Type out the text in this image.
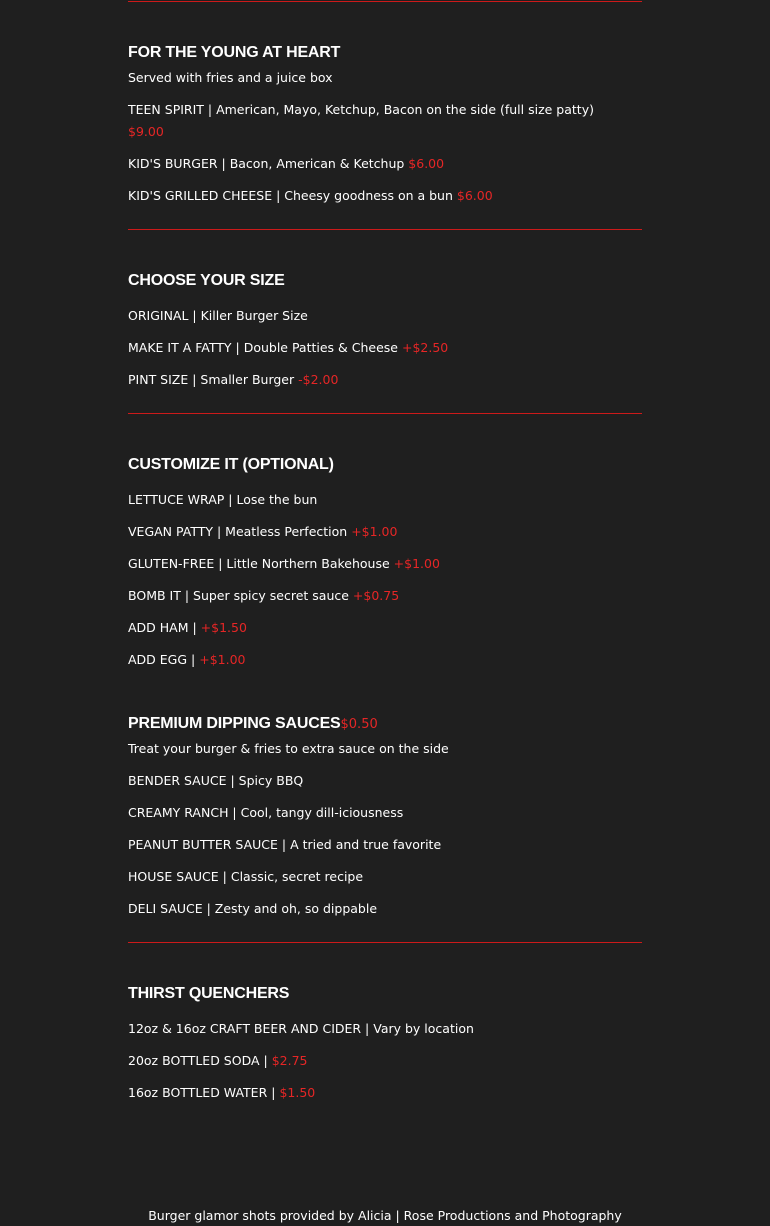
FOR THE YOUNG AT HEART
Served with fries and a juice box
TEEN SPIRIT | American, Mayo, Ketchup, Bacon on the side (full size patty)
$9.00
KID'S BURGER | Bacon, American & Ketchup $6.00
KID'S GRILLED CHEESE | Cheesy goodness on a bun $6.00
CHOOSE YOUR SIZE
ORIGINAL | Killer Burger Size
MAKE IT A FATTY | Double Patties & Cheese +$2.50
PINT SIZE | Smaller Burger -$2.00
CUSTOMIZE IT (OPTIONAL)
LETTUCE WRAP | Lose the bun
VEGAN PATTY | Meatless Perfection +$1.00
GLUTEN-FREE | Little Northern Bakehouse +$1.00
BOMB IT | Super spicy secret sauce +$0.75
ADD HAM | +$1.50
ADD EGG | +$1.00
PREMIUM DIPPING SAUCES$0.50
Treat your burger & fries to extra sauce on the side
BENDER SAUCE | Spicy BBQ
CREAMY RANCH | Cool, tangy dill-iciousness
PEANUT BUTTER SAUCE | A tried and true favorite
HOUSE SAUCE | Classic, secret recipe
DELI SAUCE | Zesty and oh, so dippable
THIRST QUENCHERS
12oz & 16oz CRAFT BEER AND CIDER | Vary by location
20oz BOTTLED SODA | $2.75
16oz BOTTLED WATER | $1.50
Burger glamor shots provided by Alicia | Rose Productions and Photography
